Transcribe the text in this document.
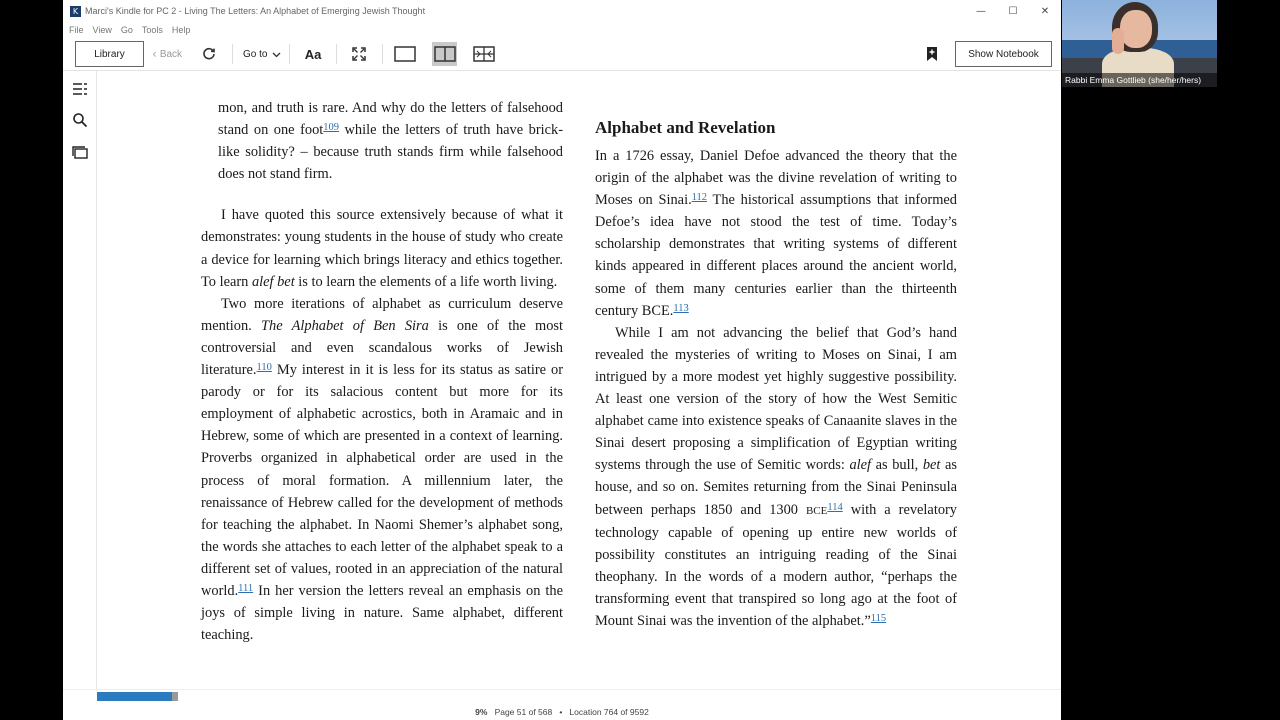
K Marci's Kindle for PC 2 - Living The Letters: An Alphabet of Emerging Jewish Thought	—	☐	✕
File View Go Tools Help
Library	‹ Back	Go to	Aa	Show Notebook

mon, and truth is rare. And why do the letters of falsehood stand on one foot$^{109}$ while the letters of truth have brick-like solidity? – because truth stands firm while falsehood does not stand firm.

I have quoted this source extensively because of what it demonstrates: young students in the house of study who create a device for learning which brings literacy and ethics together. To learn alef bet is to learn the elements of a life worth living.

Two more iterations of alphabet as curriculum deserve mention. The Alphabet of Ben Sira is one of the most controversial and even scandalous works of Jewish literature.$^{110}$ My interest in it is less for its status as satire or parody or for its salacious content but more for its employment of alphabetic acrostics, both in Aramaic and in Hebrew, some of which are presented in a context of learning. Proverbs organized in alphabetical order are used in the process of moral formation. A millennium later, the renaissance of Hebrew called for the development of methods for teaching the alphabet. In Naomi Shemer’s alphabet song, the words she attaches to each letter of the alphabet speak to a different set of values, rooted in an appreciation of the natural world.$^{111}$ In her version the letters reveal an emphasis on the joys of simple living in nature. Same alphabet, different teaching.

Alphabet and Revelation

In a 1726 essay, Daniel Defoe advanced the theory that the origin of the alphabet was the divine revelation of writing to Moses on Sinai.$^{112}$ The historical assumptions that informed Defoe’s idea have not stood the test of time. Today’s scholarship demonstrates that writing systems of different kinds appeared in different places around the ancient world, some of them many centuries earlier than the thirteenth century BCE.$^{113}$

While I am not advancing the belief that God’s hand revealed the mysteries of writing to Moses on Sinai, I am intrigued by a more modest yet highly suggestive possibility. At least one version of the story of how the West Semitic alphabet came into existence speaks of Canaanite slaves in the Sinai desert proposing a simplification of Egyptian writing systems through the use of Semitic words: alef as bull, bet as house, and so on. Semites returning from the Sinai Peninsula between perhaps 1850 and 1300 BCE$^{114}$ with a revelatory technology capable of opening up entire new worlds of possibility constitutes an intriguing reading of the Sinai theophany. In the words of a modern author, “perhaps the transforming event that transpired so long ago at the foot of Mount Sinai was the invention of the alphabet.”$^{115}$

9% Page 51 of 568 • Location 764 of 9592
Rabbi Emma Gottlieb (she/her/hers)
